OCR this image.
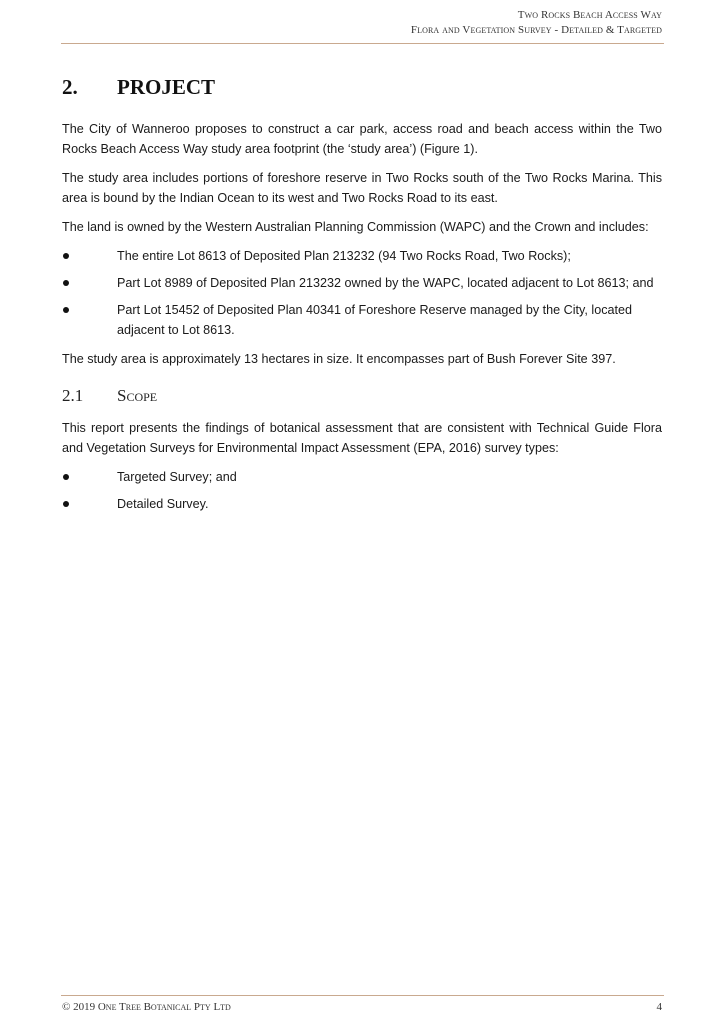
Two Rocks Beach Access Way
Flora and Vegetation Survey - Detailed & Targeted
2.	PROJECT

The City of Wanneroo proposes to construct a car park, access road and beach access within the Two Rocks Beach Access Way study area footprint (the ‘study area’) (Figure 1).

The study area includes portions of foreshore reserve in Two Rocks south of the Two Rocks Marina. This area is bound by the Indian Ocean to its west and Two Rocks Road to its east.

The land is owned by the Western Australian Planning Commission (WAPC) and the Crown and includes:

The entire Lot 8613 of Deposited Plan 213232 (94 Two Rocks Road, Two Rocks);
Part Lot 8989 of Deposited Plan 213232 owned by the WAPC, located adjacent to Lot 8613; and
Part Lot 15452 of Deposited Plan 40341 of Foreshore Reserve managed by the City, located adjacent to Lot 8613.

The study area is approximately 13 hectares in size. It encompasses part of Bush Forever Site 397.

2.1	Scope

This report presents the findings of botanical assessment that are consistent with Technical Guide Flora and Vegetation Surveys for Environmental Impact Assessment (EPA, 2016) survey types:

Targeted Survey; and
Detailed Survey.
© 2019 One Tree Botanical Pty Ltd	4
